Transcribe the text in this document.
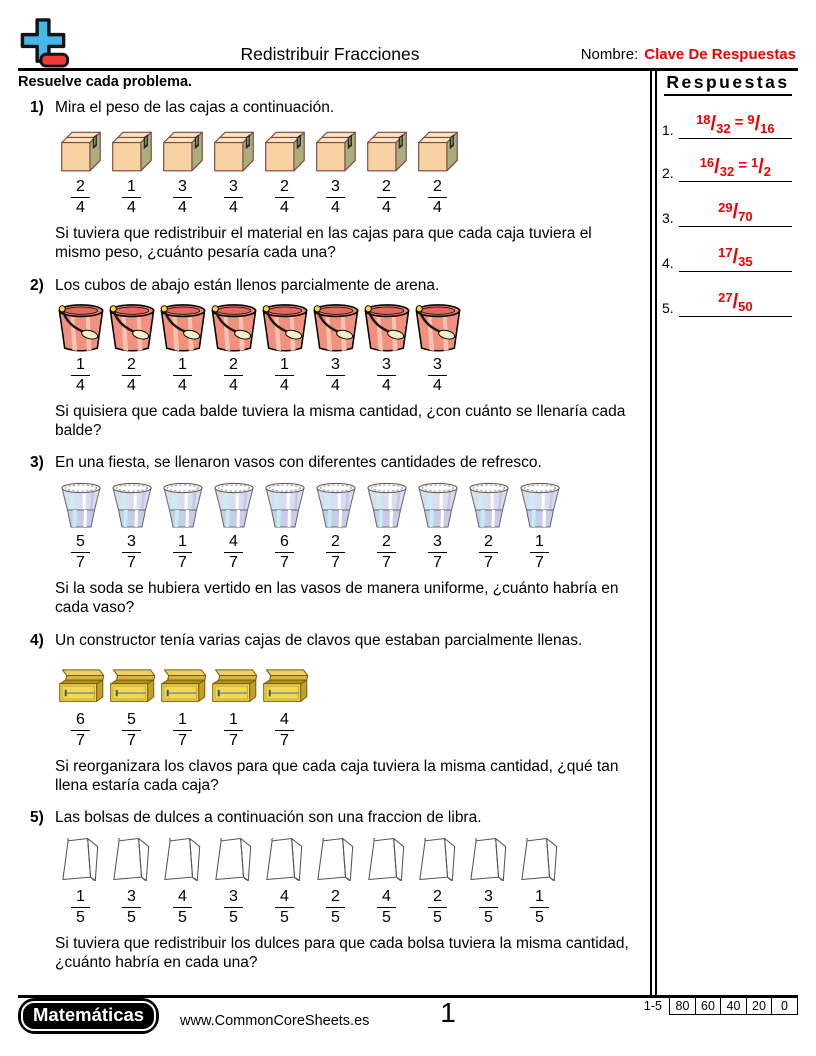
Redistribuir Fracciones	Nombre: Clave De Respuestas
Resuelve cada problema.	Respuestas
1.
$^{18}$/32 = $^9$/16
2.
$^{16}$/32 = $^1$/2
3.
$^{29}$/70
4.
$^{17}$/35
5.
$^{27}$/50
1) Mira el peso de las cajas a continuación.
$\frac{2}{4} \frac{1}{4} \frac{3}{4} \frac{3}{4} \frac{2}{4} \frac{3}{4} \frac{2}{4} \frac{2}{4}$
Si tuviera que redistribuir el material en las cajas para que cada caja tuviera el mismo peso, ¿cuánto pesaría cada una?
2) Los cubos de abajo están llenos parcialmente de arena.
$\frac{1}{4} \frac{2}{4} \frac{1}{4} \frac{2}{4} \frac{1}{4} \frac{3}{4} \frac{3}{4} \frac{3}{4}$
Si quisiera que cada balde tuviera la misma cantidad, ¿con cuánto se llenaría cada balde?
3) En una fiesta, se llenaron vasos con diferentes cantidades de refresco.
$\frac{5}{7} \frac{3}{7} \frac{1}{7} \frac{4}{7} \frac{6}{7} \frac{2}{7} \frac{2}{7} \frac{3}{7} \frac{2}{7} \frac{1}{7}$
Si la soda se hubiera vertido en las vasos de manera uniforme, ¿cuánto habría en cada vaso?
4) Un constructor tenía varias cajas de clavos que estaban parcialmente llenas.
$\frac{6}{7} \frac{5}{7} \frac{1}{7} \frac{1}{7} \frac{4}{7}$
Si reorganizara los clavos para que cada caja tuviera la misma cantidad, ¿qué tan llena estaría cada caja?
5) Las bolsas de dulces a continuación son una fraccion de libra.
$\frac{1}{5} \frac{3}{5} \frac{4}{5} \frac{3}{5} \frac{4}{5} \frac{2}{5} \frac{4}{5} \frac{2}{5} \frac{3}{5} \frac{1}{5}$
Si tuviera que redistribuir los dulces para que cada bolsa tuviera la misma cantidad, ¿cuánto habría en cada una?
Matemáticas	www.CommonCoreSheets.es	1	1-5	80 60 40 20	0
